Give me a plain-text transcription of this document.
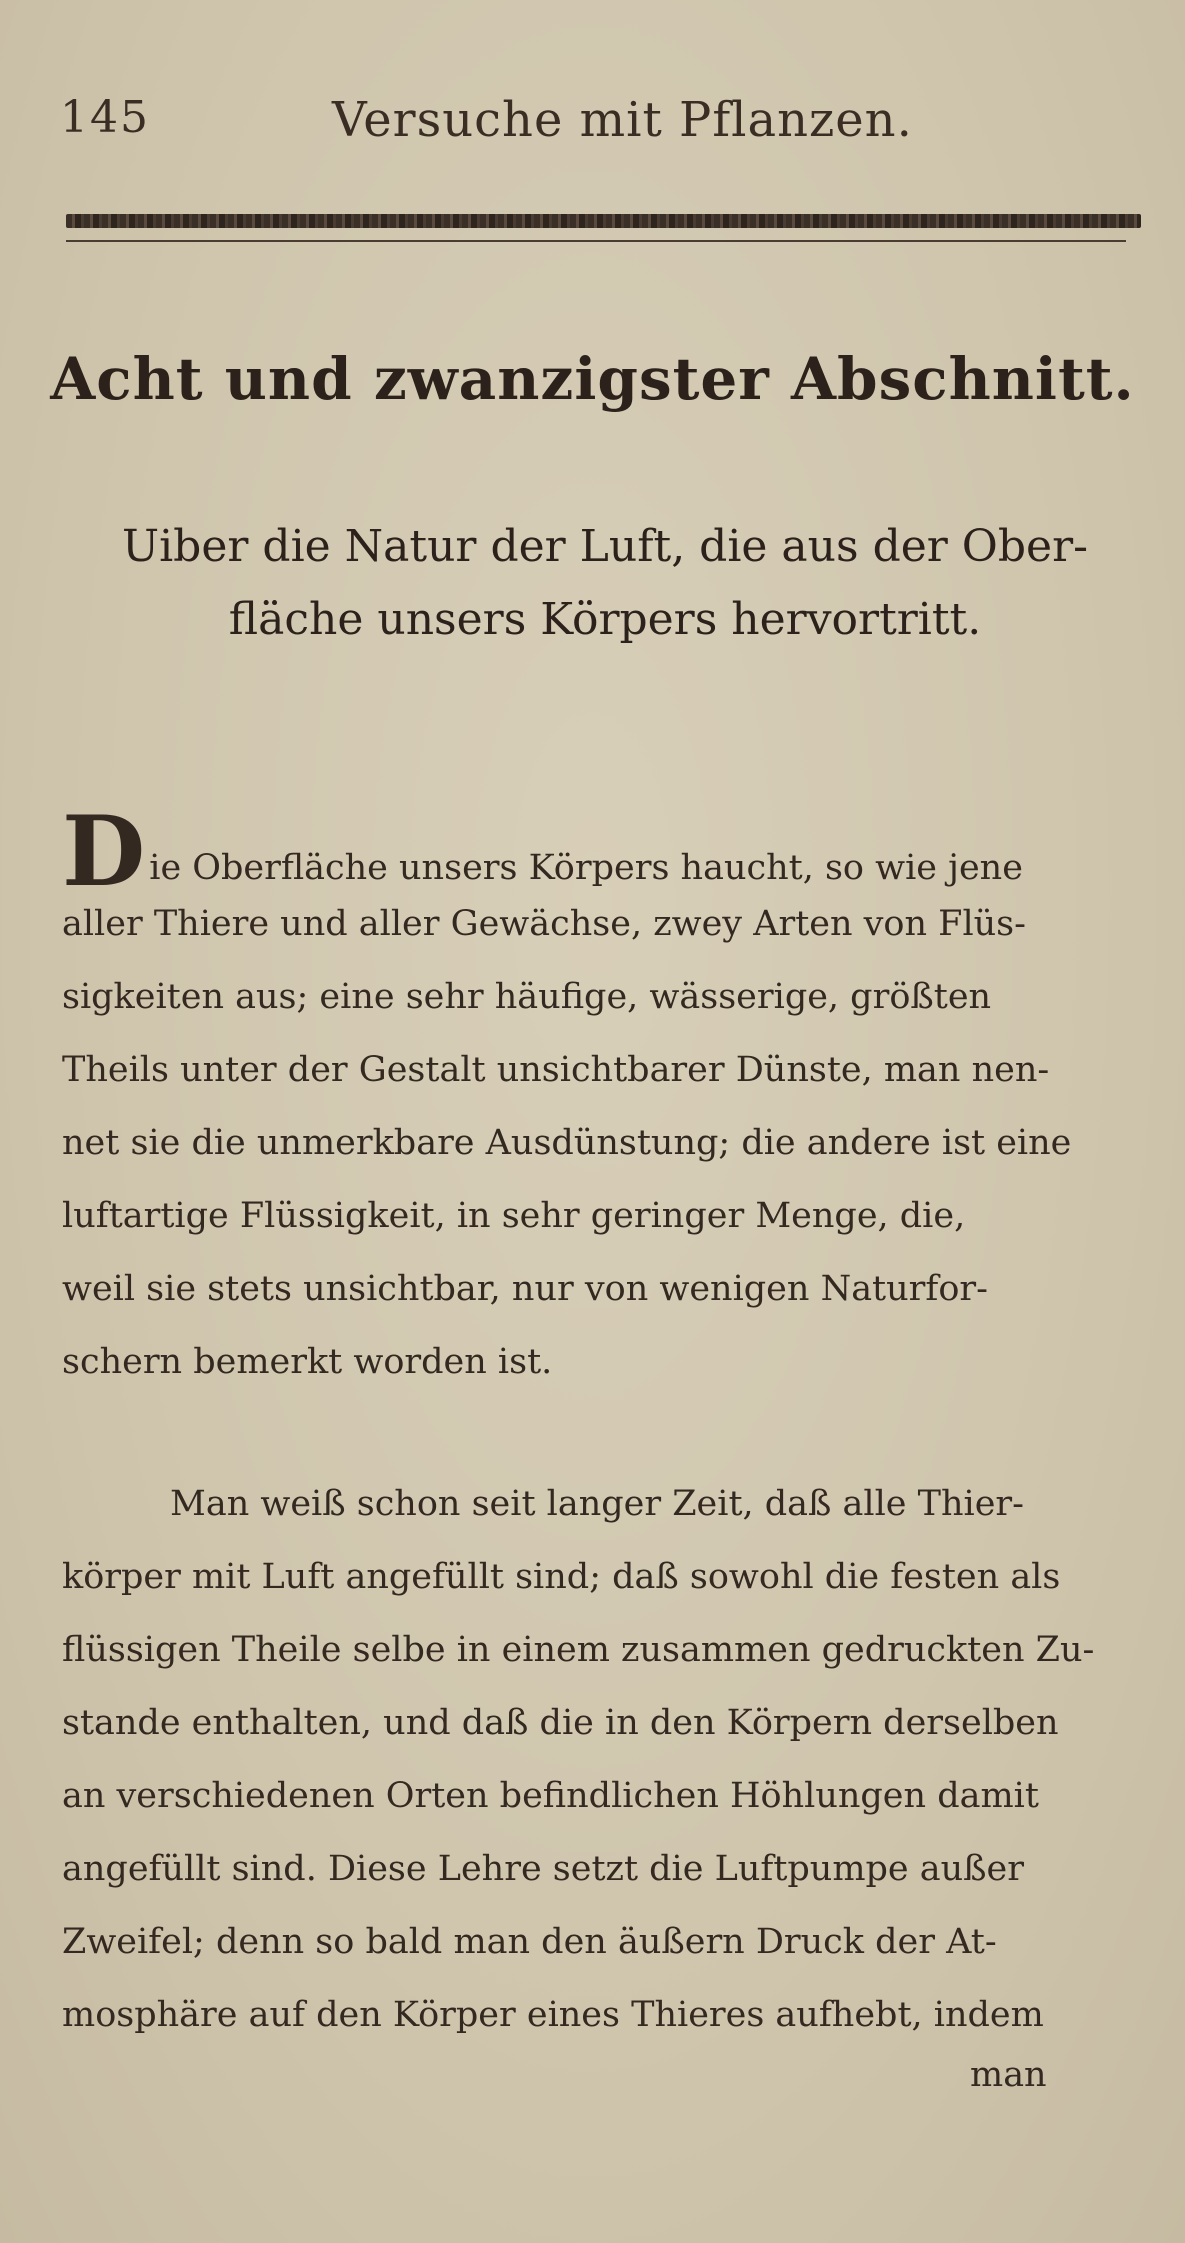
145	Versuche mit Pflanzen.
Acht und zwanzigster Abschnitt.
Uiber die Natur der Luft, die aus der Ober-
fläche unsers Körpers hervortritt.
Die Oberfläche unsers Körpers haucht, so wie jene
aller Thiere und aller Gewächse, zwey Arten von Flüs-
sigkeiten aus; eine sehr häufige, wässerige, größten
Theils unter der Gestalt unsichtbarer Dünste, man nen-
net sie die unmerkbare Ausdünstung; die andere ist eine
luftartige Flüssigkeit, in sehr geringer Menge, die,
weil sie stets unsichtbar, nur von wenigen Naturfor-
schern bemerkt worden ist.
Man weiß schon seit langer Zeit, daß alle Thier-
körper mit Luft angefüllt sind; daß sowohl die festen als
flüssigen Theile selbe in einem zusammen gedruckten Zu-
stande enthalten, und daß die in den Körpern derselben
an verschiedenen Orten befindlichen Höhlungen damit
angefüllt sind. Diese Lehre setzt die Luftpumpe außer
Zweifel; denn so bald man den äußern Druck der At-
mosphäre auf den Körper eines Thieres aufhebt, indem
man
